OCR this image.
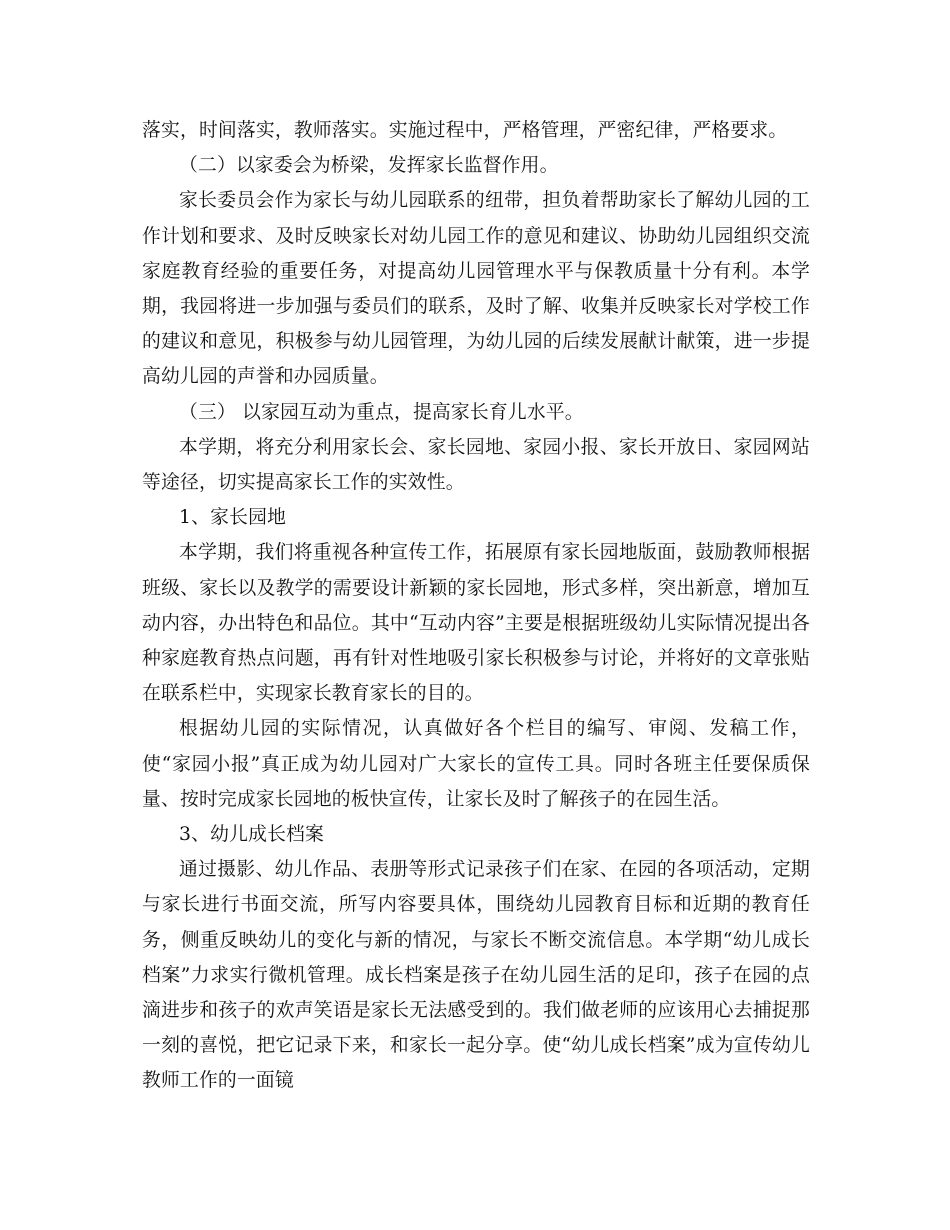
落实，时间落实，教师落实。实施过程中，严格管理，严密纪律，严格要求。

（二）以家委会为桥梁，发挥家长监督作用。

家长委员会作为家长与幼儿园联系的纽带，担负着帮助家长了解幼儿园的工作计划和要求、及时反映家长对幼儿园工作的意见和建议、协助幼儿园组织交流家庭教育经验的重要任务，对提高幼儿园管理水平与保教质量十分有利。本学期，我园将进一步加强与委员们的联系，及时了解、收集并反映家长对学校工作的建议和意见，积极参与幼儿园管理，为幼儿园的后续发展献计献策，进一步提高幼儿园的声誉和办园质量。

（三） 以家园互动为重点，提高家长育儿水平。

本学期，将充分利用家长会、家长园地、家园小报、家长开放日、家园网站等途径，切实提高家长工作的实效性。

1、家长园地

本学期，我们将重视各种宣传工作，拓展原有家长园地版面，鼓励教师根据班级、家长以及教学的需要设计新颖的家长园地，形式多样，突出新意，增加互动内容，办出特色和品位。其中“互动内容”主要是根据班级幼儿实际情况提出各种家庭教育热点问题，再有针对性地吸引家长积极参与讨论，并将好的文章张贴在联系栏中，实现家长教育家长的目的。

根据幼儿园的实际情况，认真做好各个栏目的编写、审阅、发稿工作，使“家园小报”真正成为幼儿园对广大家长的宣传工具。同时各班主任要保质保量、按时完成家长园地的板快宣传，让家长及时了解孩子的在园生活。

3、幼儿成长档案

通过摄影、幼儿作品、表册等形式记录孩子们在家、在园的各项活动，定期与家长进行书面交流，所写内容要具体，围绕幼儿园教育目标和近期的教育任务，侧重反映幼儿的变化与新的情况，与家长不断交流信息。本学期“幼儿成长档案”力求实行微机管理。成长档案是孩子在幼儿园生活的足印，孩子在园的点滴进步和孩子的欢声笑语是家长无法感受到的。我们做老师的应该用心去捕捉那一刻的喜悦，把它记录下来，和家长一起分享。使“幼儿成长档案”成为宣传幼儿教师工作的一面镜
